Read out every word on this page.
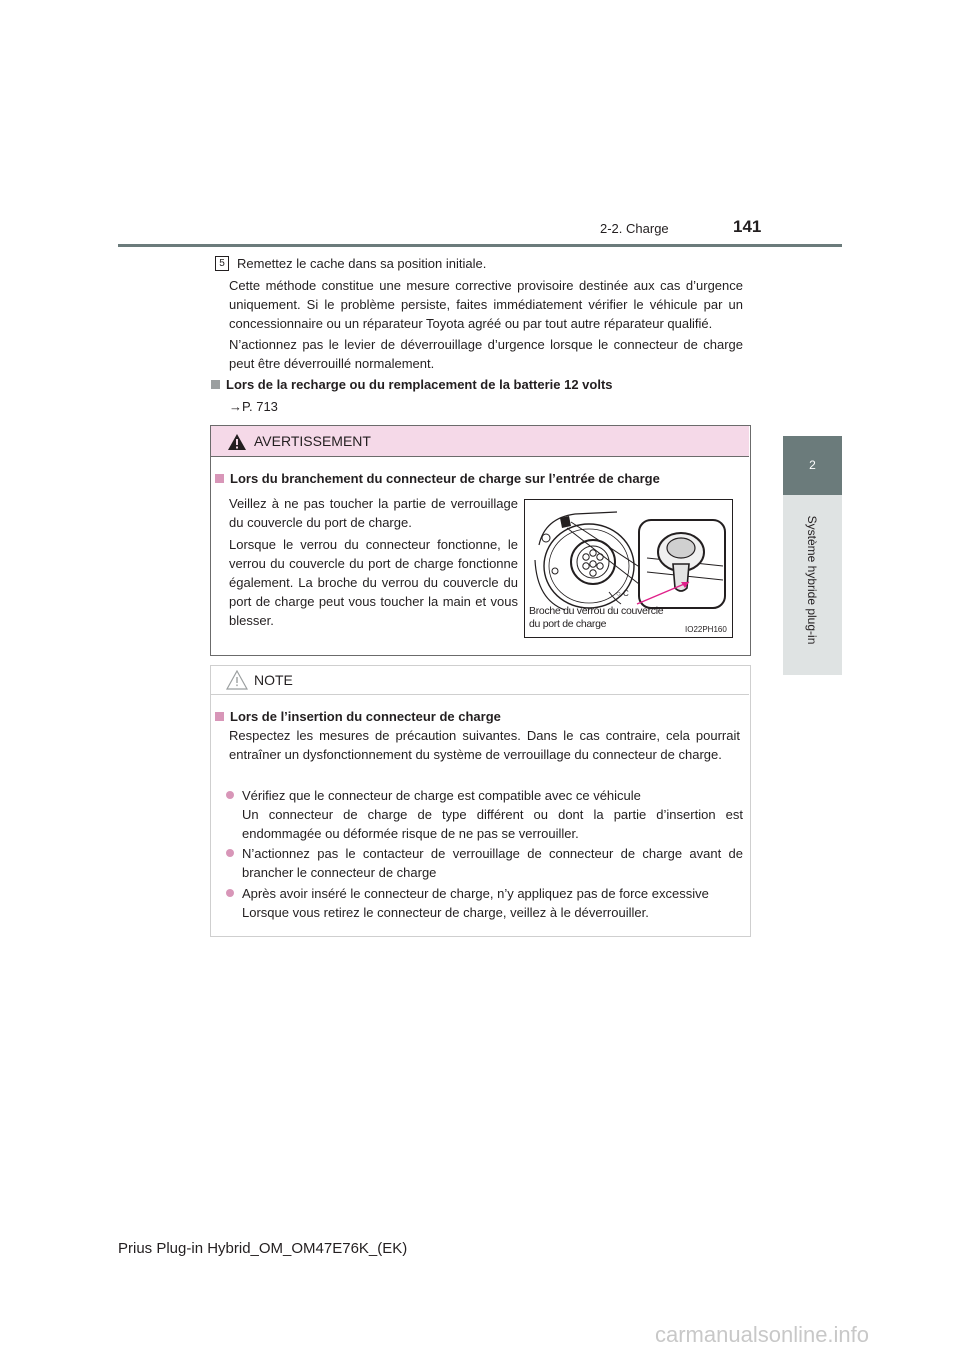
2-2. Charge	141
2
Système hybride plug-in
5 Remettez le cache dans sa position initiale.
Cette méthode constitue une mesure corrective provisoire destinée aux cas d’urgence uniquement. Si le problème persiste, faites immédiatement vérifier le véhicule par un concessionnaire ou un réparateur Toyota agréé ou par tout autre réparateur qualifié.
N’actionnez pas le levier de déverrouillage d’urgence lorsque le connecteur de charge peut être déverrouillé normalement.
Lors de la recharge ou du remplacement de la batterie 12 volts
→P. 713
AVERTISSEMENT
Lors du branchement du connecteur de charge sur l’entrée de charge
Veillez à ne pas toucher la partie de verrouillage du couvercle du port de charge.
Lorsque le verrou du connecteur fonctionne, le verrou du couvercle du port de charge fonctionne également. La broche du verrou du couvercle du port de charge peut vous toucher la main et vous blesser.
○ C
Broche du verrou du couvercle du port de charge	IO22PH160
NOTE
Lors de l’insertion du connecteur de charge
Respectez les mesures de précaution suivantes. Dans le cas contraire, cela pourrait entraîner un dysfonctionnement du système de verrouillage du connecteur de charge.
Vérifiez que le connecteur de charge est compatible avec ce véhicule
Un connecteur de charge de type différent ou dont la partie d’insertion est endommagée ou déformée risque de ne pas se verrouiller.
N’actionnez pas le contacteur de verrouillage de connecteur de charge avant de brancher le connecteur de charge
Après avoir inséré le connecteur de charge, n’y appliquez pas de force excessive
Lorsque vous retirez le connecteur de charge, veillez à le déverrouiller.
Prius Plug-in Hybrid_OM_OM47E76K_(EK)
carmanualsonline.info
